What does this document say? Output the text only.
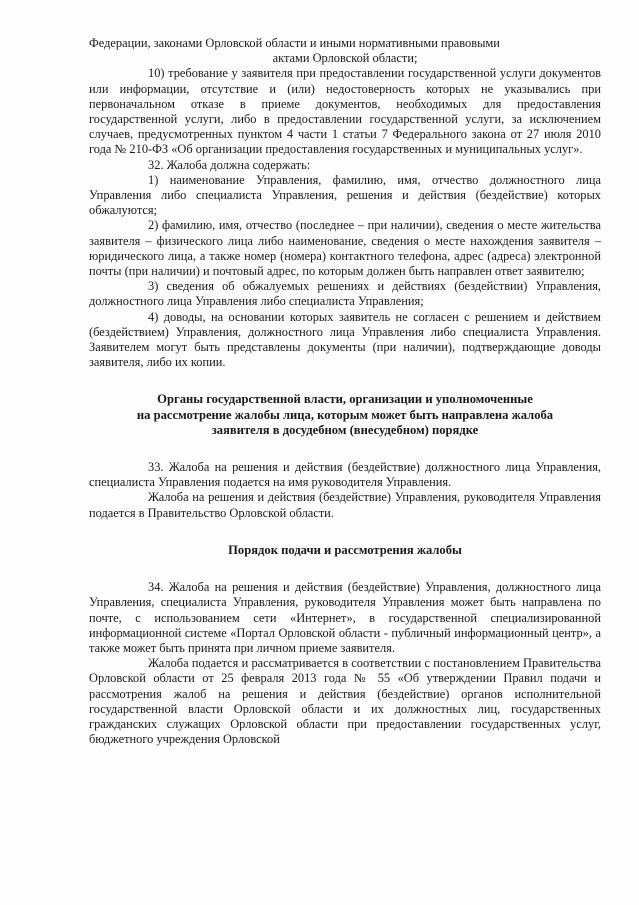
Федерации, законами Орловской области и иными нормативными правовыми

актами Орловской области;

10) требование у заявителя при предоставлении государственной услуги документов или информации, отсутствие и (или) недостоверность которых не указывались при первоначальном отказе в приеме документов, необходимых для предоставления государственной услуги, либо в предоставлении государственной услуги, за исключением случаев, предусмотренных пунктом 4 части 1 статьи 7 Федерального закона от 27 июля 2010 года № 210-ФЗ «Об организации предоставления государственных и муниципальных услуг».

32. Жалоба должна содержать:

1) наименование Управления, фамилию, имя, отчество должностного лица Управления либо специалиста Управления, решения и действия (бездействие) которых обжалуются;

2) фамилию, имя, отчество (последнее – при наличии), сведения о месте жительства заявителя – физического лица либо наименование, сведения о месте нахождения заявителя – юридического лица, а также номер (номера) контактного телефона, адрес (адреса) электронной почты (при наличии) и почтовый адрес, по которым должен быть направлен ответ заявителю;

3) сведения об обжалуемых решениях и действиях (бездействии) Управления, должностного лица Управления либо специалиста Управления;

4) доводы, на основании которых заявитель не согласен с решением и действием (бездействием) Управления, должностного лица Управления либо специалиста Управления. Заявителем могут быть представлены документы (при наличии), подтверждающие доводы заявителя, либо их копии.

Органы государственной власти, организации и уполномоченные
на рассмотрение жалобы лица, которым может быть направлена жалоба
заявителя в досудебном (внесудебном) порядке

33. Жалоба на решения и действия (бездействие) должностного лица Управления, специалиста Управления подается на имя руководителя Управления.

Жалоба на решения и действия (бездействие) Управления, руководителя Управления подается в Правительство Орловской области.

Порядок подачи и рассмотрения жалобы

34. Жалоба на решения и действия (бездействие) Управления, должностного лица Управления, специалиста Управления, руководителя Управления может быть направлена по почте, с использованием сети «Интернет», в государственной специализированной информационной системе «Портал Орловской области - публичный информационный центр», а также может быть принята при личном приеме заявителя.

Жалоба подается и рассматривается в соответствии с постановлением Правительства Орловской области от 25 февраля 2013 года № 55 «Об утверждении Правил подачи и рассмотрения жалоб на решения и действия (бездействие) органов исполнительной государственной власти Орловской области и их должностных лиц, государственных гражданских служащих Орловской области при предоставлении государственных услуг, бюджетного учреждения Орловской
